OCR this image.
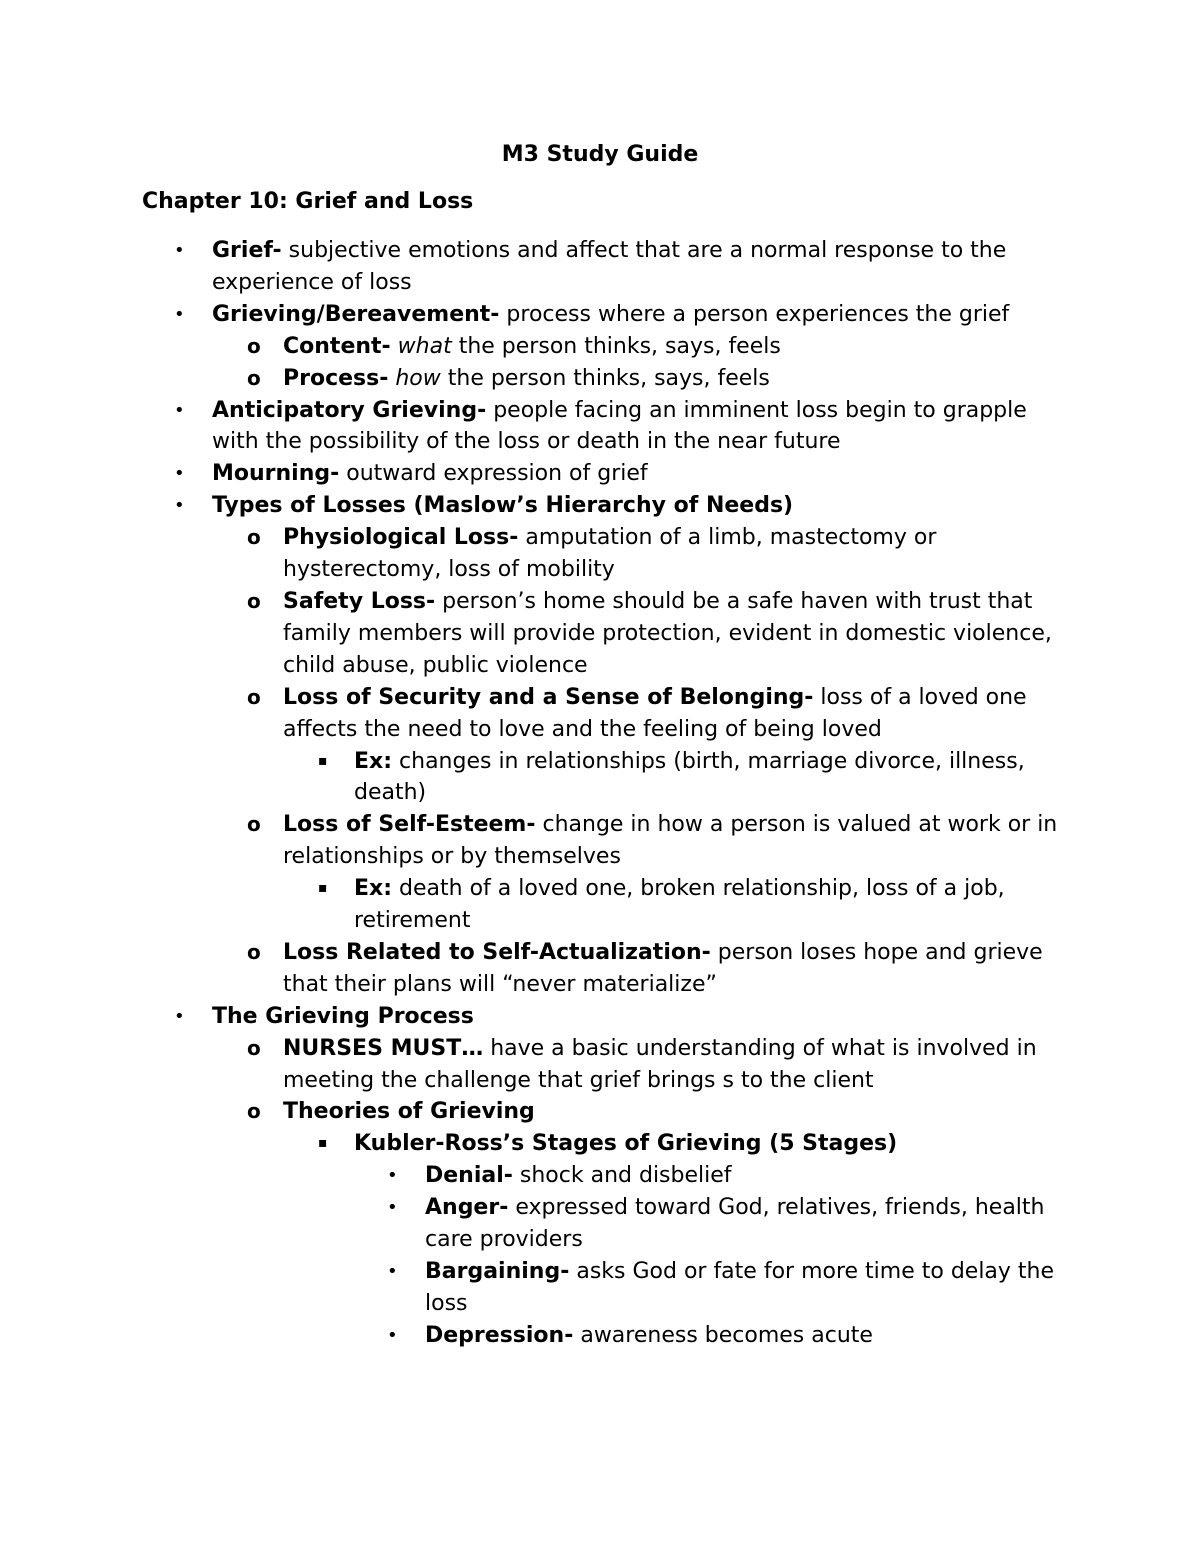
M3 Study Guide
Chapter 10: Grief and Loss
• Grief- subjective emotions and affect that are a normal response to the experience of loss
• Grieving/Bereavement- process where a person experiences the grief
o Content- what the person thinks, says, feels
o Process- how the person thinks, says, feels
• Anticipatory Grieving- people facing an imminent loss begin to grapple with the possibility of the loss or death in the near future
• Mourning- outward expression of grief
• Types of Losses (Maslow’s Hierarchy of Needs)
o Physiological Loss- amputation of a limb, mastectomy or hysterectomy, loss of mobility
o Safety Loss- person’s home should be a safe haven with trust that family members will provide protection, evident in domestic violence, child abuse, public violence
o Loss of Security and a Sense of Belonging- loss of a loved one affects the need to love and the feeling of being loved
▪ Ex: changes in relationships (birth, marriage divorce, illness, death)
o Loss of Self-Esteem- change in how a person is valued at work or in relationships or by themselves
▪ Ex: death of a loved one, broken relationship, loss of a job, retirement
o Loss Related to Self-Actualization- person loses hope and grieve that their plans will “never materialize”
• The Grieving Process
o NURSES MUST… have a basic understanding of what is involved in meeting the challenge that grief brings s to the client
o Theories of Grieving
▪ Kubler-Ross’s Stages of Grieving (5 Stages)
• Denial- shock and disbelief
• Anger- expressed toward God, relatives, friends, health care providers
• Bargaining- asks God or fate for more time to delay the loss
• Depression- awareness becomes acute
